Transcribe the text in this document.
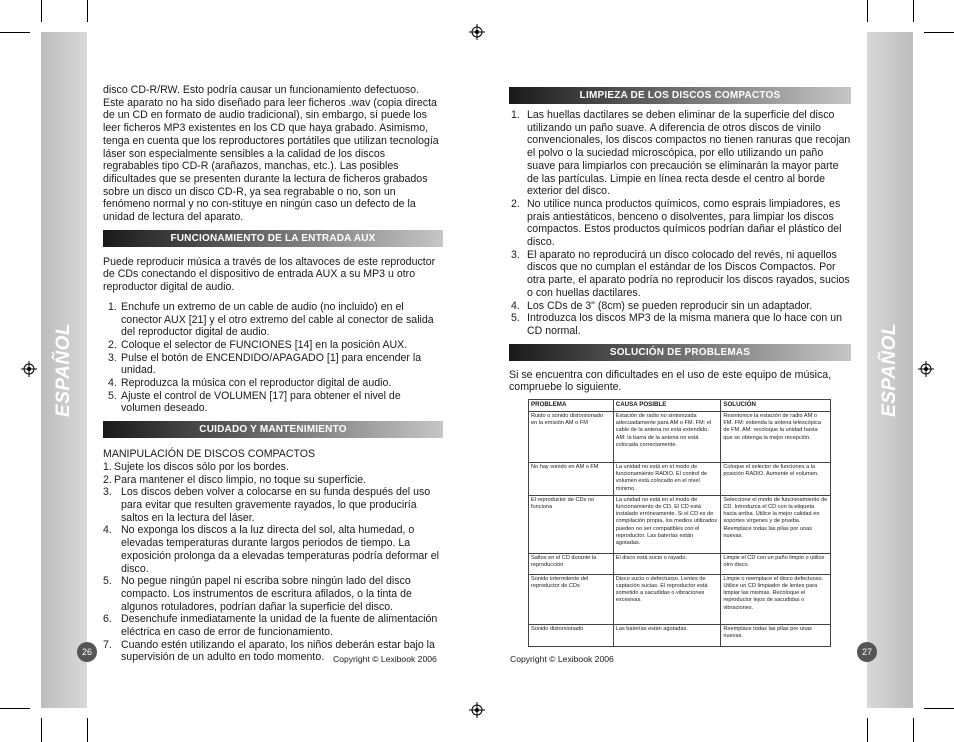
ESPAÑOL	ESPAÑOL

disco CD-R/RW. Esto podría causar un funcionamiento defectuoso. Este aparato no ha sido diseñado para leer ficheros .wav (copia directa de un CD en formato de audio tradicional), sin embargo, sí puede los leer ficheros MP3 existentes en los CD que haya grabado. Asimismo, tenga en cuenta que los reproductores portátiles que utilizan tecnología láser son especialmente sensibles a la calidad de los discos regrabables tipo CD-R (arañazos, manchas, etc.). Las posibles dificultades que se presenten durante la lectura de ficheros grabados sobre un disco un disco CD-R, ya sea regrabable o no, son un fenómeno normal y no con-stituye en ningún caso un defecto de la unidad de lectura del aparato.

FUNCIONAMIENTO DE LA ENTRADA AUX

Puede reproducir música a través de los altavoces de este reproductor de CDs conectando el dispositivo de entrada AUX a su MP3 u otro reproductor digital de audio.

1. Enchufe un extremo de un cable de audio (no incluido) en el conector AUX [21] y el otro extremo del cable al conector de salida del reproductor digital de audio.
2. Coloque el selector de FUNCIONES [14] en la posición AUX.
3. Pulse el botón de ENCENDIDO/APAGADO [1] para encender la unidad.
4. Reproduzca la música con el reproductor digital de audio.
5. Ajuste el control de VOLUMEN [17] para obtener el nivel de volumen deseado.
CUIDADO Y MANTENIMIENTO

MANIPULACIÓN DE DISCOS COMPACTOS

1. Sujete los discos sólo por los bordes.
2. Para mantener el disco limpio, no toque su superficie.
3. Los discos deben volver a colocarse en su funda después del uso para evitar que resulten gravemente rayados, lo que produciría saltos en la lectura del láser.
4. No exponga los discos a la luz directa del sol, alta humedad, o elevadas temperaturas durante largos periodos de tiempo. La exposición prolonga da a elevadas temperaturas podría deformar el disco.
5. No pegue ningún papel ni escriba sobre ningún lado del disco compacto. Los instrumentos de escritura afilados, o la tinta de algunos rotuladores, podrían dañar la superficie del disco.
6. Desenchufe inmediatamente la unidad de la fuente de alimentación eléctrica en caso de error de funcionamiento.
7. Cuando estén utilizando el aparato, los niños deberán estar bajo la supervisión de un adulto en todo momento.
26
Copyright © Lexibook 2006
LIMPIEZA DE LOS DISCOS COMPACTOS
1. Las huellas dactilares se deben eliminar de la superficie del disco utilizando un paño suave. A diferencia de otros discos de vinilo convencionales, los discos compactos no tienen ranuras que recojan el polvo o la suciedad microscópica, por ello utilizando un paño suave para limpiarlos con precaución se eliminarán la mayor parte de las partículas. Limpie en línea recta desde el centro al borde exterior del disco.
2. No utilice nunca productos químicos, como esprais limpiadores, es prais antiestáticos, benceno o disolventes, para limpiar los discos compactos. Estos productos químicos podrían dañar el plástico del disco.
3. El aparato no reproducirá un disco colocado del revés, ni aquellos discos que no cumplan el estándar de los Discos Compactos. Por otra parte, el aparato podría no reproducir los discos rayados, sucios o con huellas dactilares.
4. Los CDs de 3" (8cm) se pueden reproducir sin un adaptador.
5. Introduzca los discos MP3 de la misma manera que lo hace con un CD normal.
SOLUCIÓN DE PROBLEMAS

Si se encuentra con dificultades en el uso de este equipo de música, compruebe lo siguiente.

PROBLEMA	CAUSA POSIBLE	SOLUCIÓN
Ruido o sonido distorsionado en la emisión AM o FM	Estación de radio no sintonizada adecuadamente para AM o FM. FM: el cable de la antena no está extendido. AM: la barra de la antena no está colocada correctamente.	Resintonice la estación de radio AM o FM. FM: extienda la antena telescópica de FM. AM: recoloque la unidad hasta que se obtenga la mejor recepción.
No hay sonido en AM o FM	La unidad no está en el modo de funcionamiento RADIO. El control de volumen está colocado en el nivel mínimo.	Coloque el selector de funciones a la posición RADIO. Aumente el volumen.
El reproductor de CDs no funciona	La unidad no está en el modo de funcionamiento de CD. El CD está instalado erróneamente. Si el CD es de compilación propia, los medios utilizados pueden no ser compatibles con el reproductor. Las baterías están agotadas.	Seleccione el modo de funcionamiento de CD. Introduzca el CD con la etiqueta hacia arriba. Utilice la mejor calidad en soportes vírgenes y de prueba. Reemplace todas las pilas por unas nuevas.
Saltos en el CD durante la reproducción	El disco está sucio o rayado.	Limpie el CD con un paño limpio o utilice otro disco.
Sonido intermitente del reproductor de CDs	Disco sucio o defectuoso. Lentes de captación sucias. El reproductor está sometido a sacudidas o vibraciones excesivas.	Limpie o reemplace el disco defectuoso. Utilice un CD limpiador de lentes para limpiar las mismas. Recoloque el reproductor lejos de sacudidas o vibraciones.
Sonido distorsionado	Las baterías están agotadas.	Reemplace todas las pilas por unas nuevas.
Copyright © Lexibook 2006
27
